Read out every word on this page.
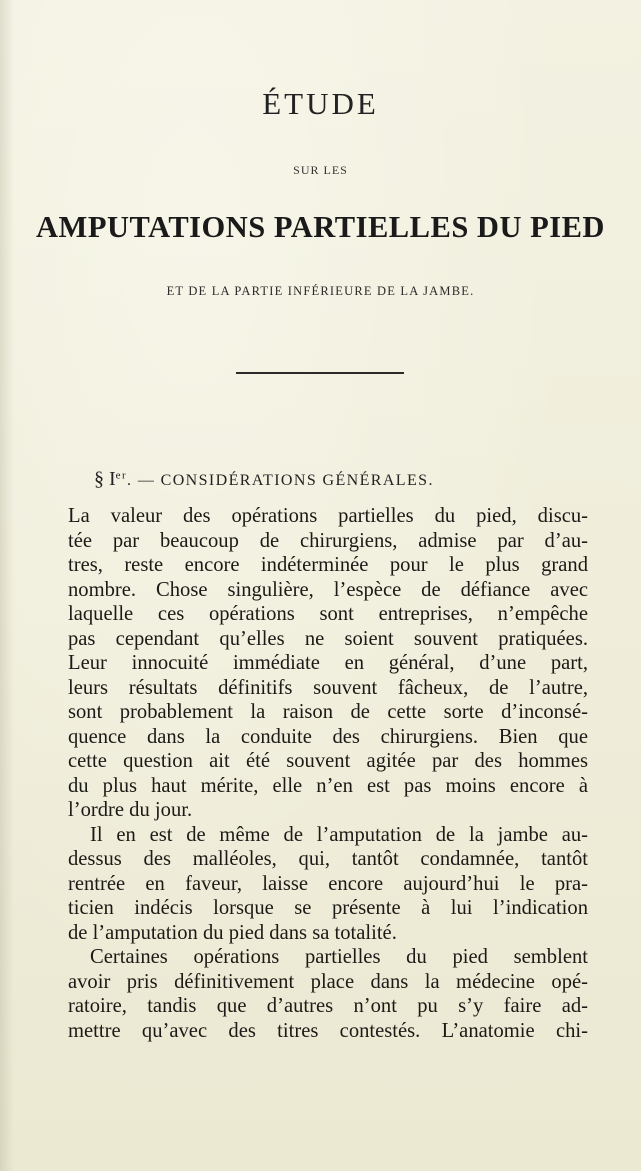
ÉTUDE
SUR LES
AMPUTATIONS PARTIELLES DU PIED
ET DE LA PARTIE INFÉRIEURE DE LA JAMBE.
§ Ier. — CONSIDÉRATIONS GÉNÉRALES.
La valeur des opérations partielles du pied, discu-
tée par beaucoup de chirurgiens, admise par d’au-
tres, reste encore indéterminée pour le plus grand
nombre. Chose singulière, l’espèce de défiance avec
laquelle ces opérations sont entreprises, n’empêche
pas cependant qu’elles ne soient souvent pratiquées.
Leur innocuité immédiate en général, d’une part,
leurs résultats définitifs souvent fâcheux, de l’autre,
sont probablement la raison de cette sorte d’inconsé-
quence dans la conduite des chirurgiens. Bien que
cette question ait été souvent agitée par des hommes
du plus haut mérite, elle n’en est pas moins encore à
l’ordre du jour.
Il en est de même de l’amputation de la jambe au-
dessus des malléoles, qui, tantôt condamnée, tantôt
rentrée en faveur, laisse encore aujourd’hui le pra-
ticien indécis lorsque se présente à lui l’indication
de l’amputation du pied dans sa totalité.
Certaines opérations partielles du pied semblent
avoir pris définitivement place dans la médecine opé-
ratoire, tandis que d’autres n’ont pu s’y faire ad-
mettre qu’avec des titres contestés. L’anatomie chi-
